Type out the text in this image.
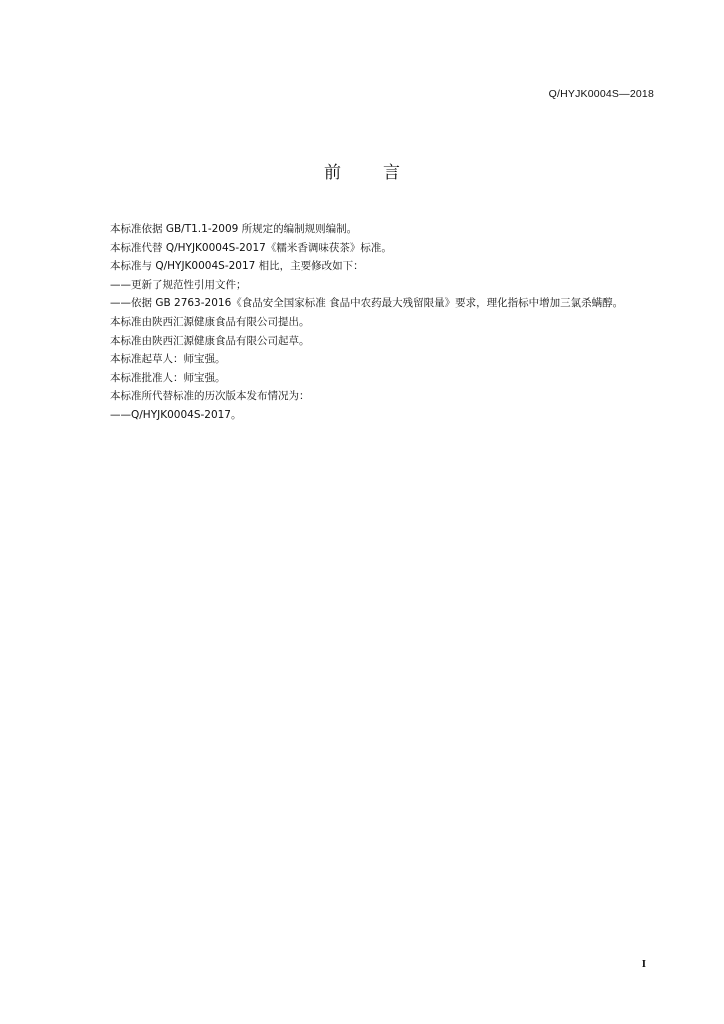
Q/HYJK0004S—2018
前言

本标准依据 GB/T1.1-2009 所规定的编制规则编制。

本标准代替 Q/HYJK0004S-2017《糯米香调味茯茶》标准。

本标准与 Q/HYJK0004S-2017 相比，主要修改如下：

——更新了规范性引用文件；

——依据 GB 2763-2016《食品安全国家标准 食品中农药最大残留限量》要求，理化指标中增加三氯杀螨醇。

本标准由陕西汇源健康食品有限公司提出。

本标准由陕西汇源健康食品有限公司起草。

本标准起草人：师宝强。

本标准批准人：师宝强。

本标准所代替标准的历次版本发布情况为：

——Q/HYJK0004S-2017。

I
